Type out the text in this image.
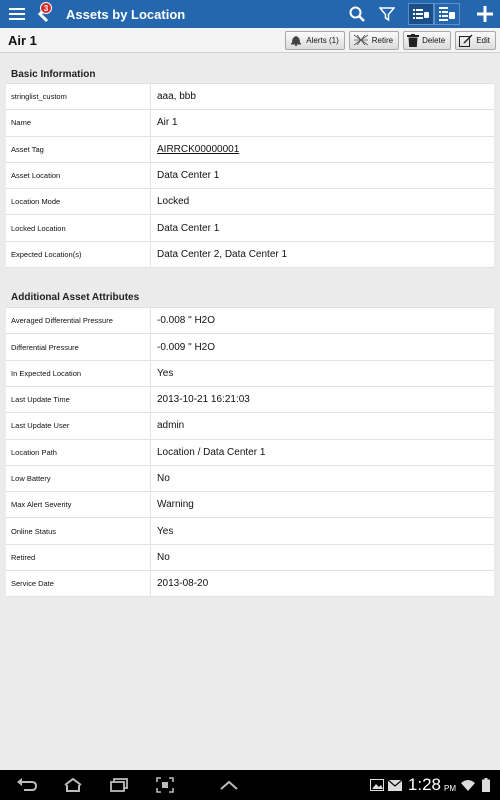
3 Assets by Location
Air 1	Alerts (1)	Retire	Delete	Edit
Basic Information
stringlist_custom	aaa, bbb
Name	Air 1
Asset Tag	AIRRCK00000001
Asset Location	Data Center 1
Location Mode	Locked
Locked Location	Data Center 1
Expected Location(s)	Data Center 2, Data Center 1
Additional Asset Attributes
Averaged Differential Pressure	-0.008 " H2O
Differential Pressure	-0.009 " H2O
In Expected Location	Yes
Last Update Time	2013-10-21 16:21:03
Last Update User	admin
Location Path	Location / Data Center 1
Low Battery	No
Max Alert Severity	Warning
Online Status	Yes
Retired	No
Service Date	2013-08-20
1:28 PM
